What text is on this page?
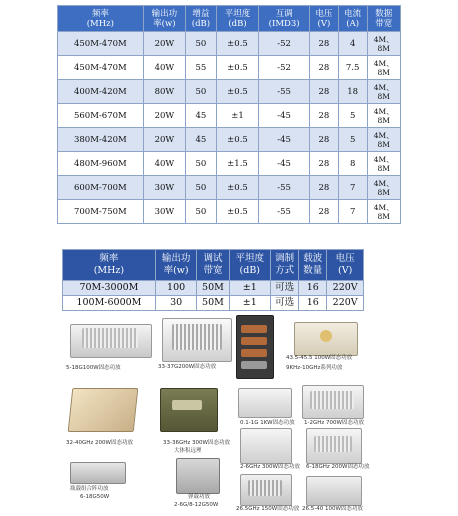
频率
(MHz)	输出功
率(w)	增益
(dB)	平坦度
(dB)	互调
(IMD3)	电压
(V)	电流
(A)	数据
带宽
450M-470M	20W	50	±0.5	-52	28	4	4M、
8M
450M-470M	40W	55	±0.5	-52	28	7.5	4M、
8M
400M-420M	80W	50	±0.5	-55	28	18	4M、
8M
560M-670M	20W	45	±1	-45	28	5	4M、
8M
380M-420M	20W	45	±0.5	-45	28	5	4M、
8M
480M-960M	40W	50	±1.5	-45	28	8	4M、
8M
600M-700M	30W	50	±0.5	-55	28	7	4M、
8M
700M-750M	30W	50	±0.5	-55	28	7	4M、
8M
频率
(MHz)	输出功
率(w)	调试
带宽	平坦度
(dB)	调制
方式	载波
数量	电压
(V)
70M-3000M	100	50M	±1	可选	16	220V
100M-6000M	30	50M	±1	可选	16	220V
5-18G100W固态功放	33-37G200W固态功放
43.5-45.5 100W固态功放
9KHz-10GHz系列功放
32-40GHz 200W固态功放	33-36GHz 300W固态功放
大体积远理
0.1-1G 1KW固态功放 1-2GHz 700W固态功放
2-6GHz 300W固态功放 6-18GHz 200W固态功放
瓶载组合阵功放
6-18G50W	弹载功放
2-6G/8-12G50W
26.5GHz 150W固态功放 26.5-40 100W固态功放
